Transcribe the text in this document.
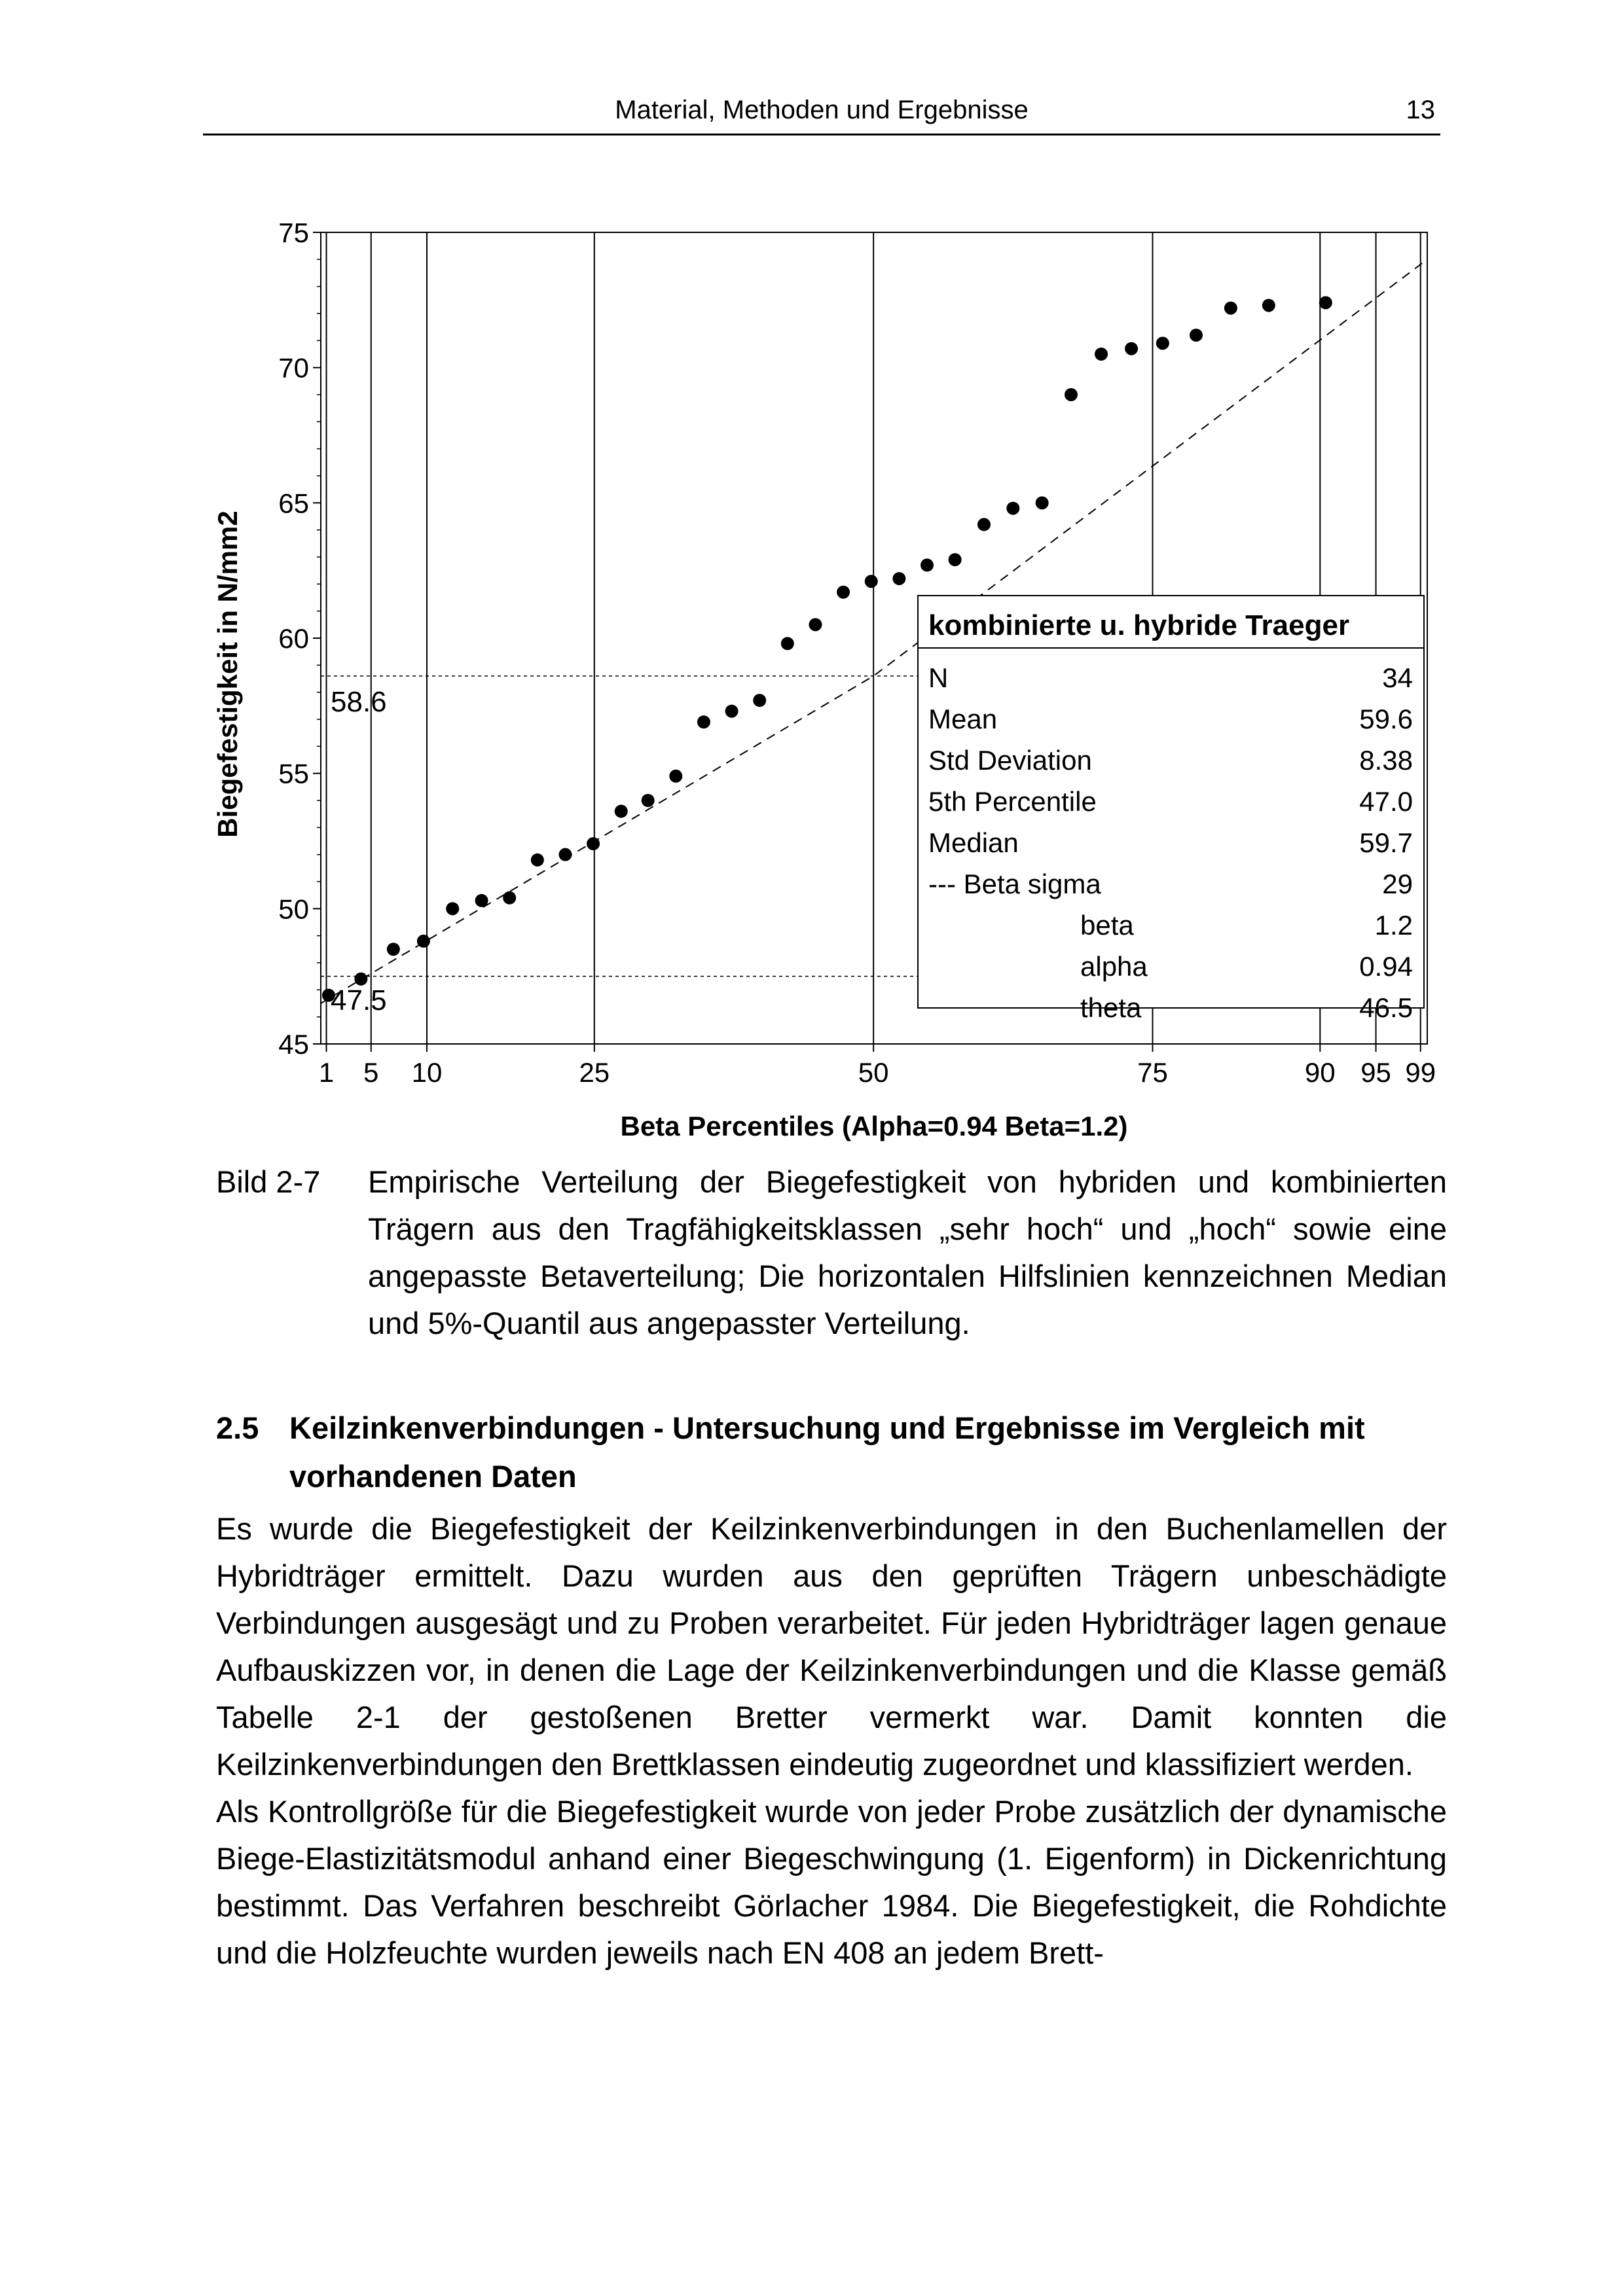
Material, Methoden und Ergebnisse	13
45
50
55
60
65
70
75
1 5 10	25	50	75	90 95 99
58.6
47.5
Biegefestigkeit in N/mm2
Beta Percentiles (Alpha=0.94 Beta=1.2)
kombinierte u. hybride Traeger
N	34
Mean	59.6
Std Deviation	8.38
5th Percentile	47.0
Median	59.7
--- Beta sigma	29
beta	1.2
alpha	0.94
theta	46.5
Bild 2-7 Empirische Verteilung der Biegefestigkeit von hybriden und kombinierten Trägern aus den Tragfähigkeitsklassen „sehr hoch“ und „hoch“ sowie eine angepasste Betaverteilung; Die horizontalen Hilfslinien kennzeichnen Median und 5%-Quantil aus angepasster Verteilung.
2.5 Keilzinkenverbindungen - Untersuchung und Ergebnisse im Vergleich mit vorhandenen Daten

Es wurde die Biegefestigkeit der Keilzinkenverbindungen in den Buchenlamellen der Hybridträger ermittelt. Dazu wurden aus den geprüften Trägern unbeschädigte Verbindungen ausgesägt und zu Proben verarbeitet. Für jeden Hybridträger lagen genaue Aufbauskizzen vor, in denen die Lage der Keilzinkenverbindungen und die Klasse gemäß Tabelle 2-1 der gestoßenen Bretter vermerkt war. Damit konnten die Keilzinkenverbindungen den Brettklassen eindeutig zugeordnet und klassifiziert werden.

Als Kontrollgröße für die Biegefestigkeit wurde von jeder Probe zusätzlich der dynamische Biege-Elastizitätsmodul anhand einer Biegeschwingung (1. Eigenform) in Dickenrichtung bestimmt. Das Verfahren beschreibt Görlacher 1984. Die Biegefestigkeit, die Rohdichte und die Holzfeuchte wurden jeweils nach EN 408 an jedem Brett-
